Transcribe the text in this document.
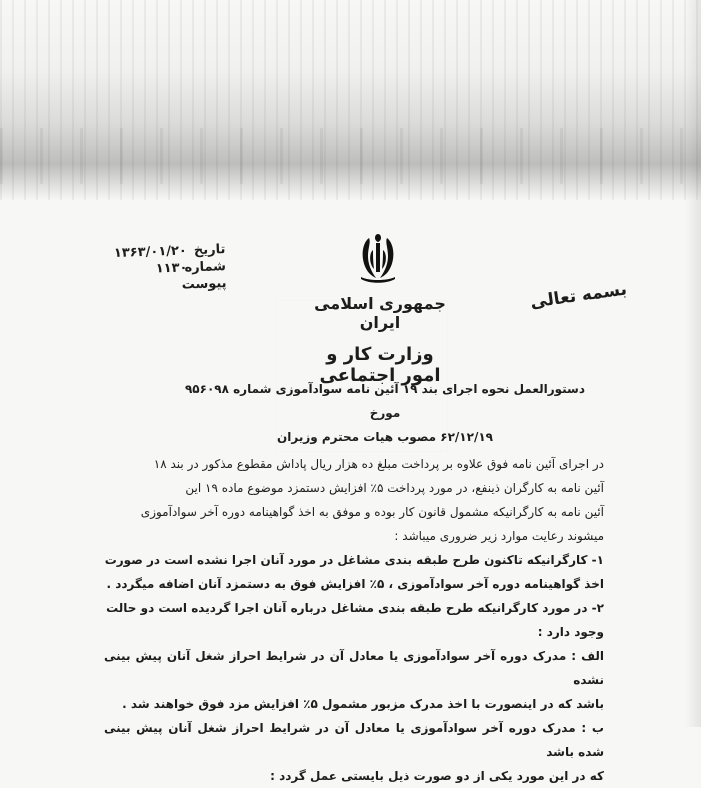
بسمه تعالی
جمهوری اسلامی ایران
وزارت کار و امور اجتماعی
تاریخ ۱۳۶۳/۰۱/۲۰
شماره ۱۱۳۰
پیوست
دستورالعمل نحوه اجرای بند ۱۹ آئین نامه سوادآموزی شماره ۹۵۶۰۹۸ مورخ
۶۲/۱۲/۱۹ مصوب هیات محترم وزیران
در اجرای آئین نامه فوق علاوه بر پرداخت مبلغ ده هزار ریال پاداش مقطوع مذکور در بند ۱۸
آئین نامه به کارگران ذینفع، در مورد پرداخت ۵٪ افزایش دستمزد موضوع ماده ۱۹ این
آئین نامه به کارگرانیکه مشمول قانون کار بوده و موفق به اخذ گواهینامه دوره آخر سوادآموزی
میشوند رعایت موارد زیر ضروری میباشد :
۱- کارگرانیکه تاکنون طرح طبقه بندی مشاغل در مورد آنان اجرا نشده است در صورت
اخذ گواهینامه دوره آخر سوادآموزی ، ۵٪ افزایش فوق به دستمزد آنان اضافه میگردد .
۲- در مورد کارگرانیکه طرح طبقه بندی مشاغل درباره آنان اجرا گردیده است دو حالت
وجود دارد :
الف : مدرک دوره آخر سوادآموزی یا معادل آن در شرایط احراز شغل آنان پیش بینی نشده
باشد که در اینصورت با اخذ مدرک مزبور مشمول ۵٪ افزایش مزد فوق خواهند شد .
ب : مدرک دوره آخر سوادآموزی یا معادل آن در شرایط احراز شغل آنان پیش بینی شده باشد
که در این مورد یکی از دو صورت ذیل بایستی عمل گردد :
